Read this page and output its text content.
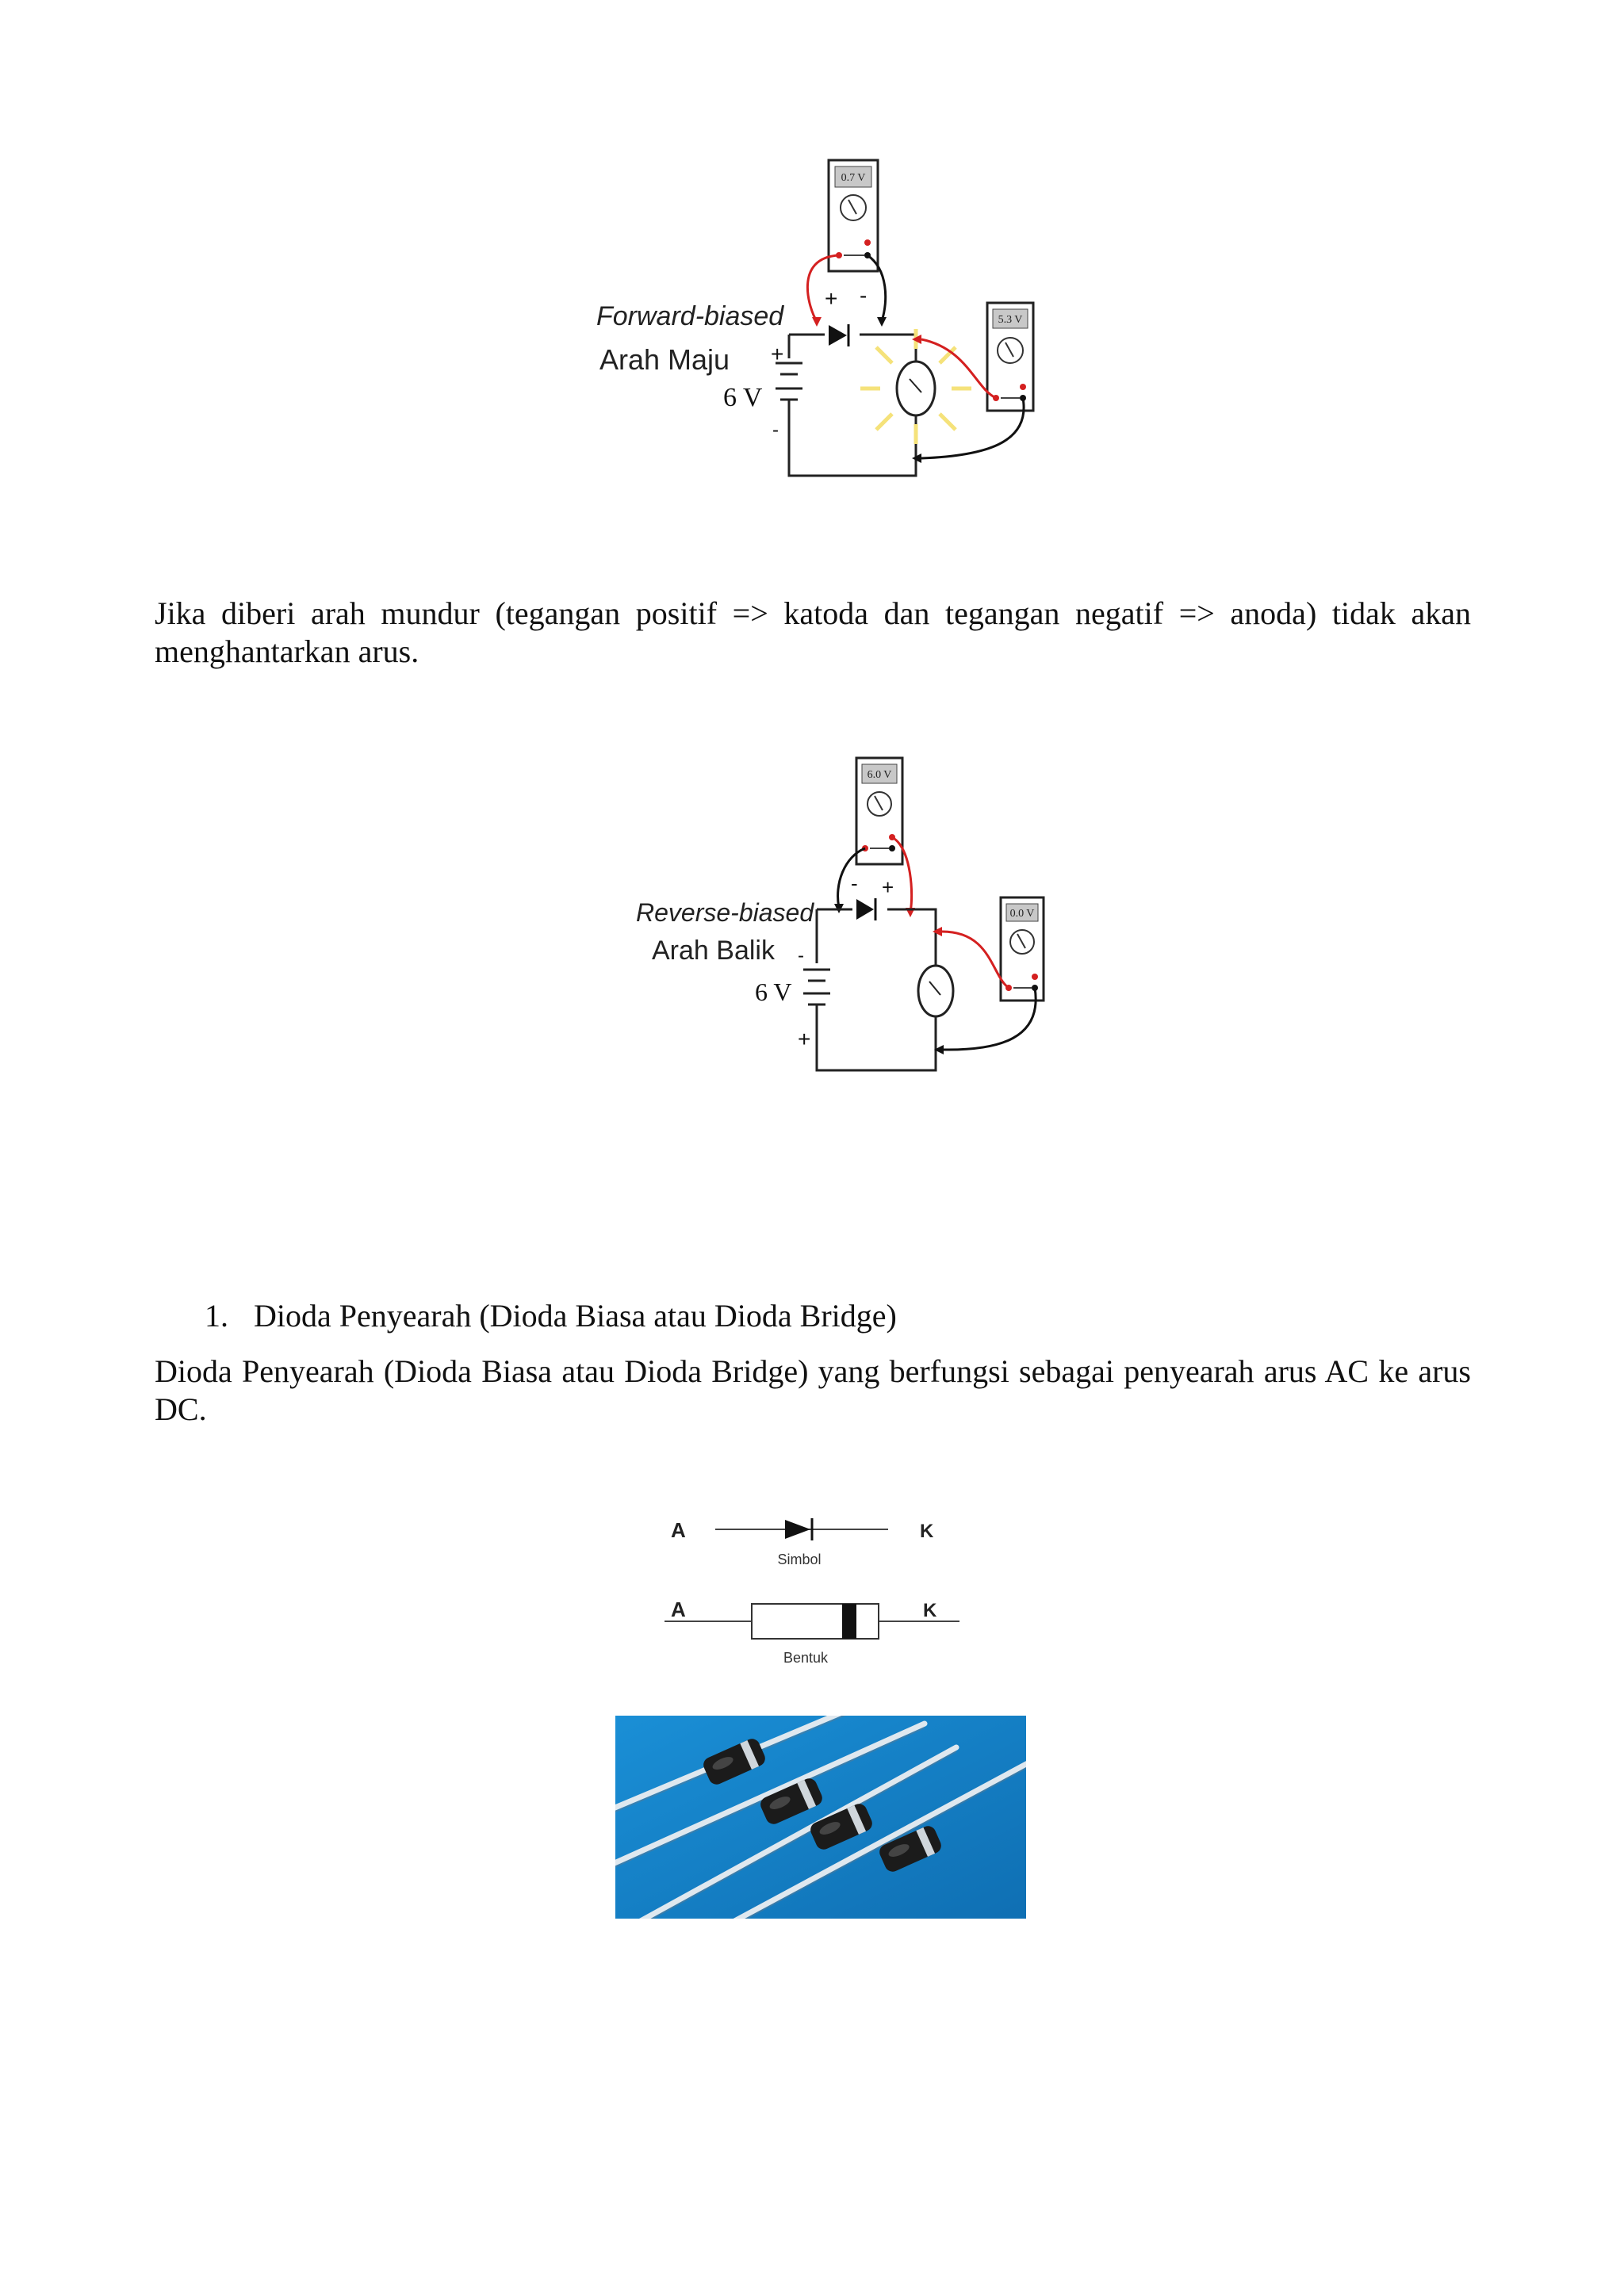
0.7 V
+ -
+
-
6 V
5.3 V
Forward-biased
Arah Maju

Jika diberi arah mundur (tegangan positif => katoda dan tegangan negatif => anoda) tidak akan menghantarkan arus.

6.0 V
- +
-
+
6 V
0.0 V
Reverse-biased
Arah Balik
1. Dioda Penyearah (Dioda Biasa atau Dioda Bridge)

Dioda Penyearah (Dioda Biasa atau Dioda Bridge) yang berfungsi sebagai penyearah arus AC ke arus DC.

A	K
Simbol
A	K
Bentuk
